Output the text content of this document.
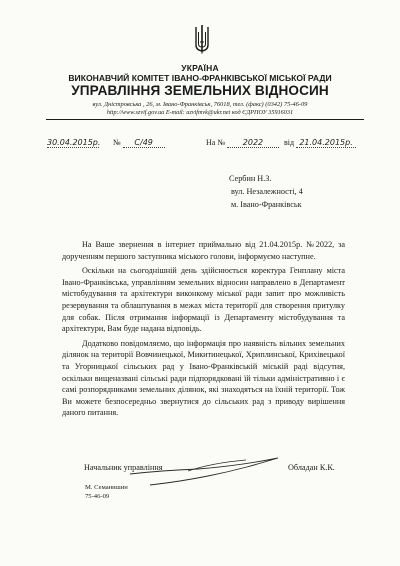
УКРАЇНА
ВИКОНАВЧИЙ КОМІТЕТ ІВАНО-ФРАНКІВСЬКОЇ МІСЬКОЇ РАДИ
УПРАВЛІННЯ ЗЕМЕЛЬНИХ ВІДНОСИН
вул. Дністровська , 26, м. Івано-Франківськ, 76018, тел. (факс) (0342) 75-46-09
http://www.szvif.gov.ua E-mail: uzvifmvk@ukr.net код ЄДРПОУ 35916031
30.04.2015р. № С/49	На № 2022	від 21.04.2015р.
Сербин Н.З.
вул. Незалежності, 4
м. Івано-Франківськ

На Ваше звернення в інтернет приймально від 21.04.2015р. №2022, за дорученням першого заступника міського голови, інформуємо наступне.

Оскільки на сьогоднішній день здійснюється коректура Генплану міста Івано-Франківська, управлінням земельних відносин направлено в Департамент містобудування та архітектури виконкому міської ради запит про можливість резервування та облаштування в межах міста території для створення притулку для собак. Після отримання інформації із Департаменту містобудування та архітектури, Вам буде надана відповідь.

Додатково повідомляємо, що інформація про наявність вільних земельних ділянок на території Вовчинецької, Микитинецької, Хриплинської, Крихівецької та Угорницької сільських рад у Івано-Франківській міській раді відсутня, оскільки вищеназвані сільські ради підпорядковані їй тільки адміністративно і є самі розпорядниками земельних ділянок, які знаходяться на їхній території. Тож Ви можете безпосередньо звернутися до сільських рад з приводу вирішення даного питання.

Начальник управління	Обладан К.К.
М. Семанишин
75-46-09
